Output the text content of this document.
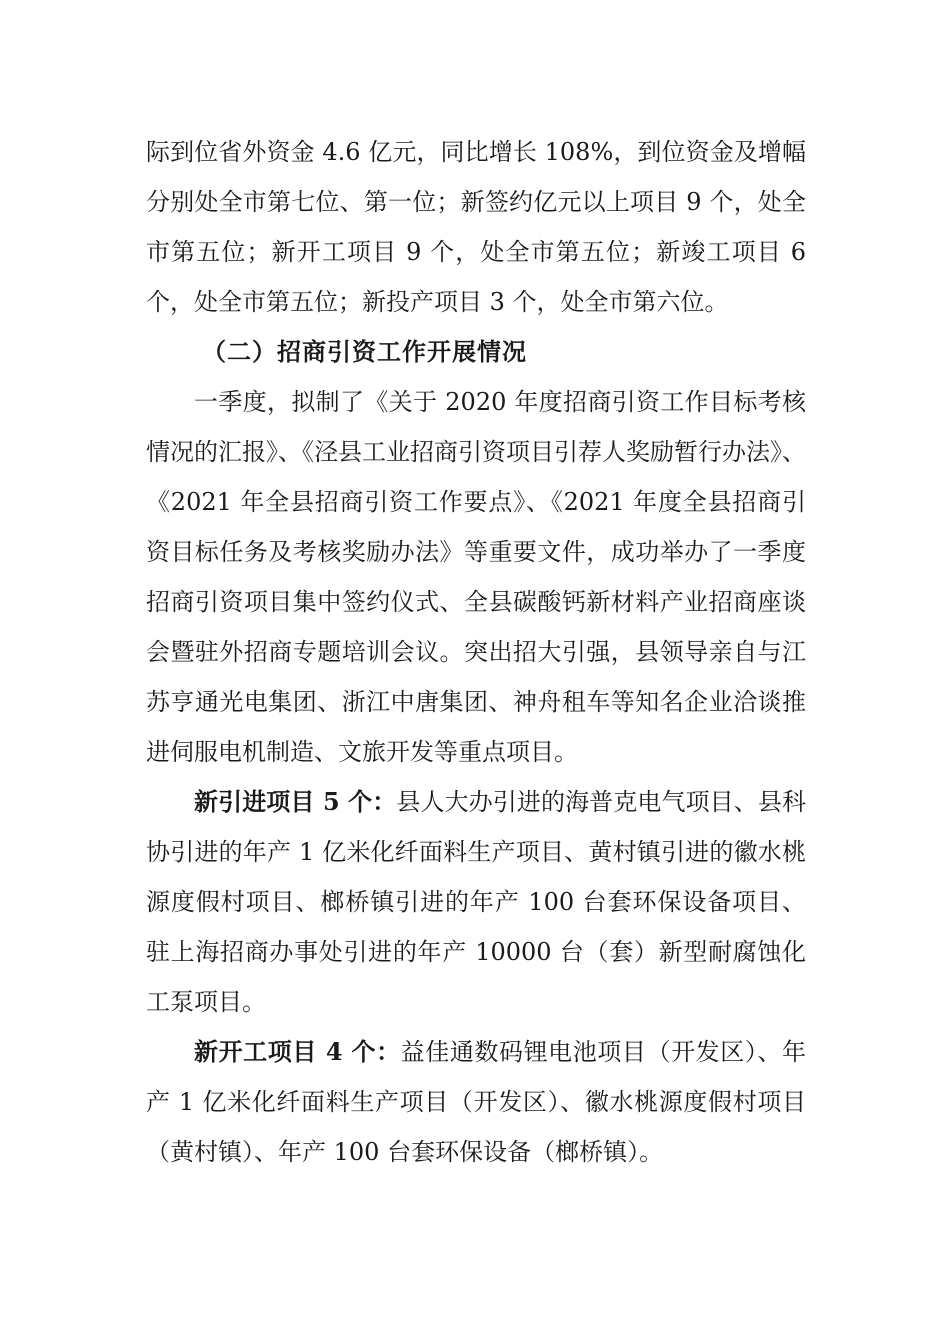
际到位省外资金 4.6 亿元，同比增长 108%，到位资金及增幅分别处全市第七位、第一位；新签约亿元以上项目 9 个，处全市第五位；新开工项目 9 个，处全市第五位；新竣工项目 6 个，处全市第五位；新投产项目 3 个，处全市第六位。

（二）招商引资工作开展情况

一季度，拟制了《关于 2020 年度招商引资工作目标考核情况的汇报》、《泾县工业招商引资项目引荐人奖励暂行办法》、《2021 年全县招商引资工作要点》、《2021 年度全县招商引资目标任务及考核奖励办法》等重要文件，成功举办了一季度招商引资项目集中签约仪式、全县碳酸钙新材料产业招商座谈会暨驻外招商专题培训会议。突出招大引强，县领导亲自与江苏亨通光电集团、浙江中唐集团、神舟租车等知名企业洽谈推进伺服电机制造、文旅开发等重点项目。

新引进项目 5 个：县人大办引进的海普克电气项目、县科协引进的年产 1 亿米化纤面料生产项目、黄村镇引进的徽水桃源度假村项目、榔桥镇引进的年产 100 台套环保设备项目、驻上海招商办事处引进的年产 10000 台（套）新型耐腐蚀化工泵项目。

新开工项目 4 个：益佳通数码锂电池项目（开发区）、年产 1 亿米化纤面料生产项目（开发区）、徽水桃源度假村项目（黄村镇）、年产 100 台套环保设备（榔桥镇）。
